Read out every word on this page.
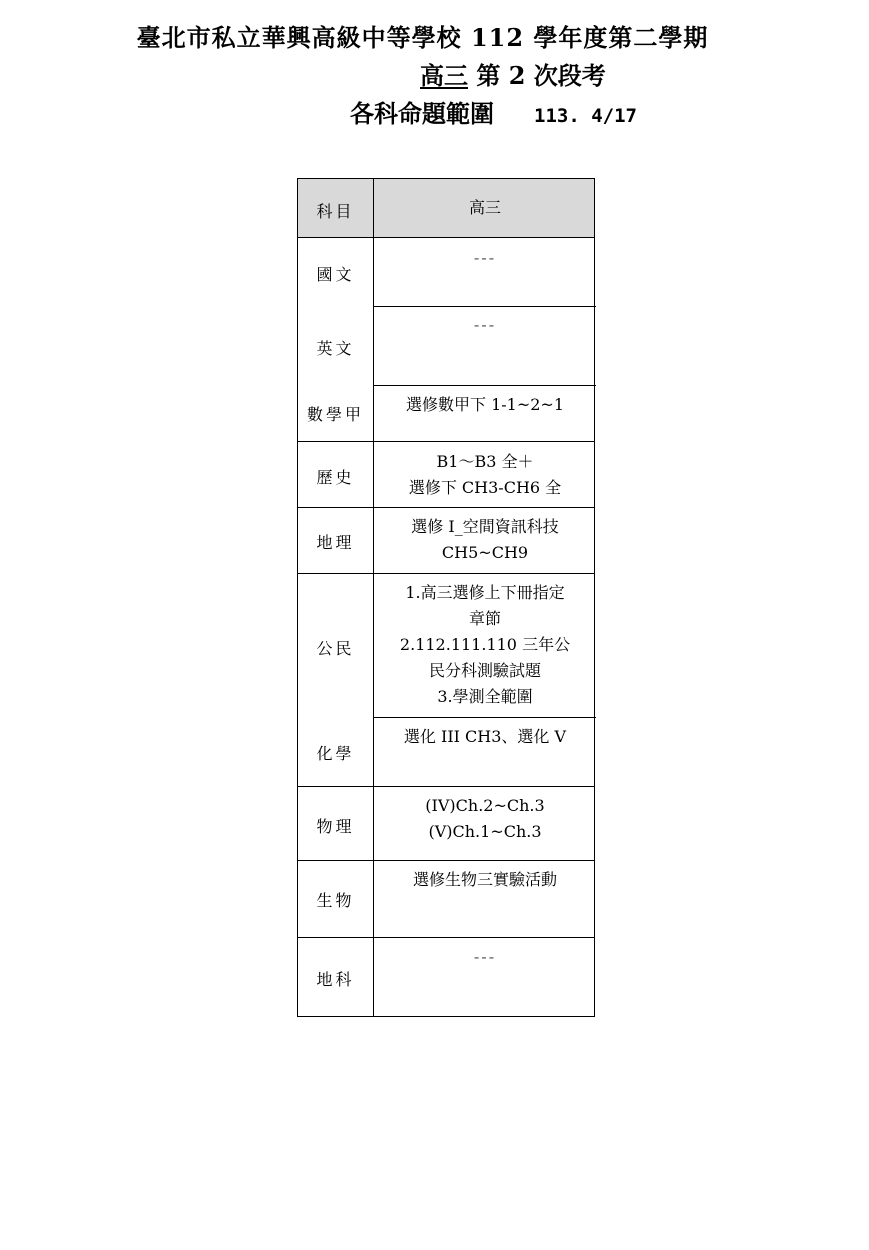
臺北市私立華興高級中等學校 112 學年度第二學期
高三 第 2 次段考
各科命題範圍 113. 4/17
科目	高三
國文
---
英文
---
數學甲
選修數甲下 1-1~2~1
歷史
B1～B3 全＋
選修下 CH3-CH6 全
地理
選修 I_空間資訊科技
CH5~CH9
公民
1.高三選修上下冊指定
章節
2.112.111.110 三年公
民分科測驗試題
3.學測全範圍
化學
選化 III CH3、選化 V
物理
(IV)Ch.2~Ch.3
(V)Ch.1~Ch.3
生物
選修生物三實驗活動
地科
---
